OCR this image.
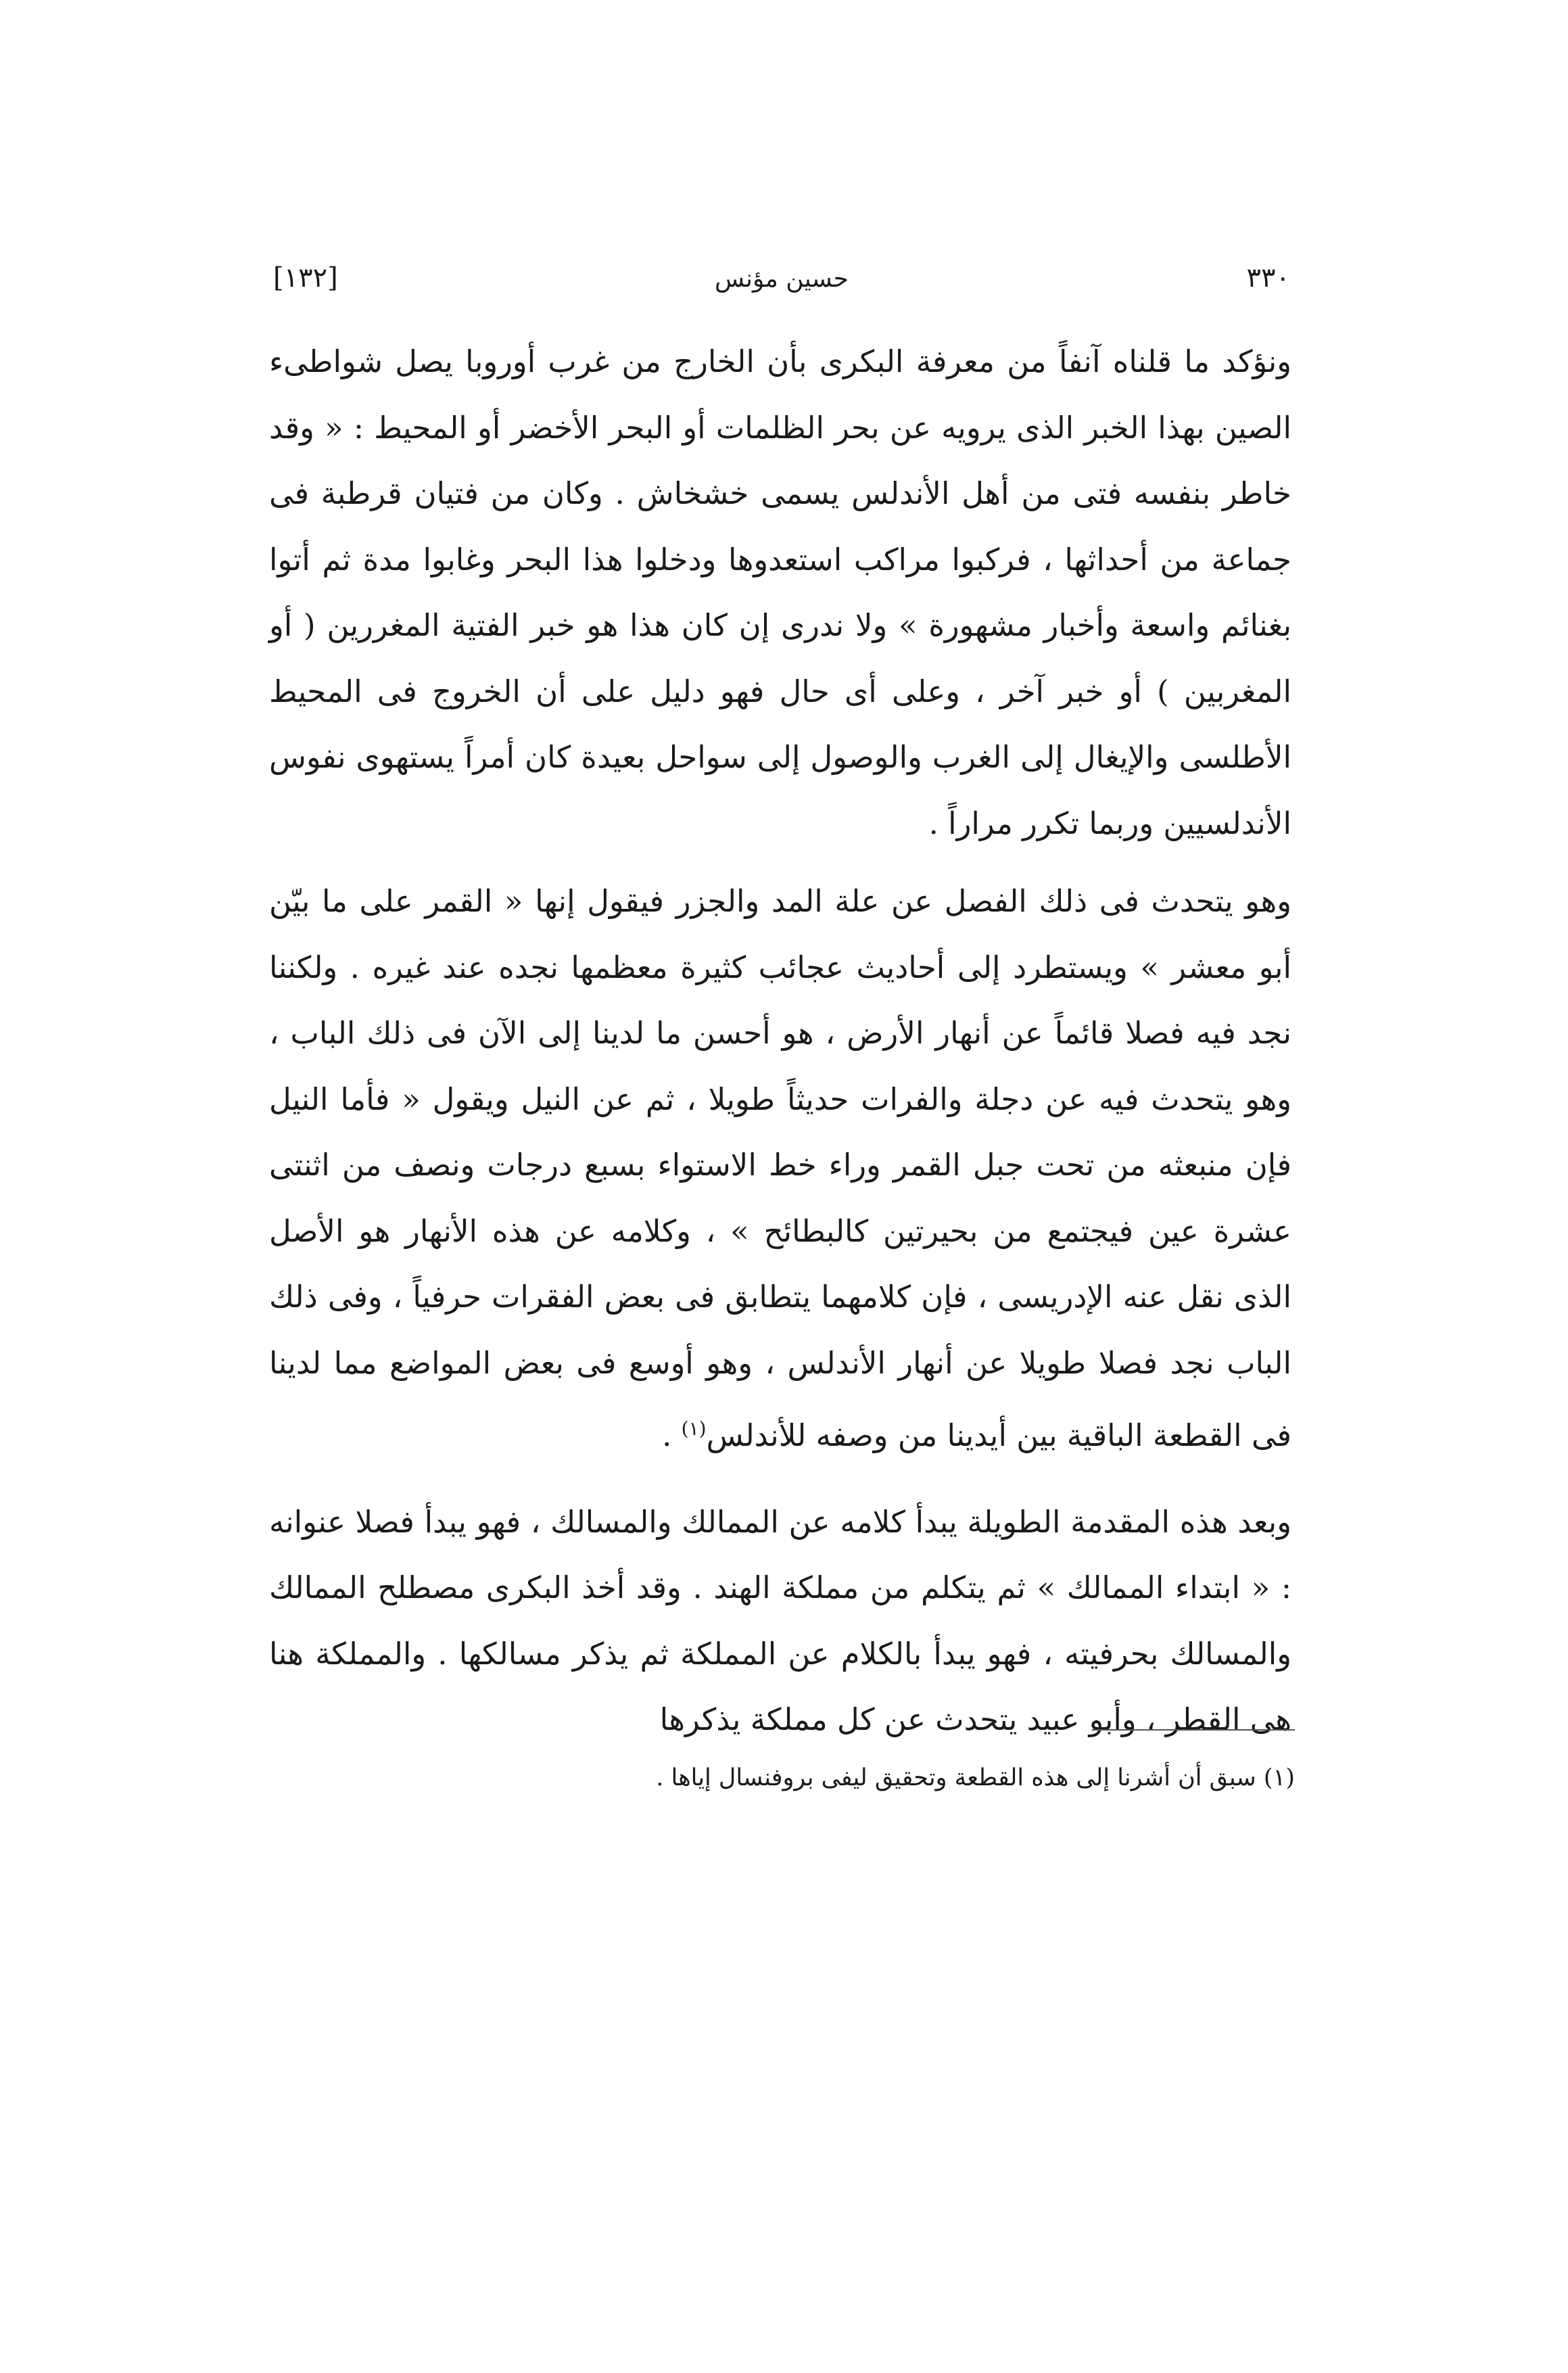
[١٣٢]	حسين مؤنس	٣٣٠

ونؤكد ما قلناه آنفاً من معرفة البكرى بأن الخارج من غرب أوروبا يصل شواطىء الصين بهذا الخبر الذى يرويه عن بحر الظلمات أو البحر الأخضر أو المحيط : « وقد خاطر بنفسه فتى من أهل الأندلس يسمى خشخاش . وكان من فتيان قرطبة فى جماعة من أحداثها ، فركبوا مراكب استعدوها ودخلوا هذا البحر وغابوا مدة ثم أتوا بغنائم واسعة وأخبار مشهورة » ولا ندرى إن كان هذا هو خبر الفتية المغررين ( أو المغربين ) أو خبر آخر ، وعلى أى حال فهو دليل على أن الخروج فى المحيط الأطلسى والإيغال إلى الغرب والوصول إلى سواحل بعيدة كان أمراً يستهوى نفوس الأندلسيين وربما تكرر مراراً .

وهو يتحدث فى ذلك الفصل عن علة المد والجزر فيقول إنها « القمر على ما بيّن أبو معشر » ويستطرد إلى أحاديث عجائب كثيرة معظمها نجده عند غيره . ولكننا نجد فيه فصلا قائماً عن أنهار الأرض ، هو أحسن ما لدينا إلى الآن فى ذلك الباب ، وهو يتحدث فيه عن دجلة والفرات حديثاً طويلا ، ثم عن النيل ويقول « فأما النيل فإن منبعثه من تحت جبل القمر وراء خط الاستواء بسبع درجات ونصف من اثنتى عشرة عين فيجتمع من بحيرتين كالبطائح » ، وكلامه عن هذه الأنهار هو الأصل الذى نقل عنه الإدريسى ، فإن كلامهما يتطابق فى بعض الفقرات حرفياً ، وفى ذلك الباب نجد فصلا طويلا عن أنهار الأندلس ، وهو أوسع فى بعض المواضع مما لدينا فى القطعة الباقية بين أيدينا من وصفه للأندلس$^{(١)}$ .

وبعد هذه المقدمة الطويلة يبدأ كلامه عن الممالك والمسالك ، فهو يبدأ فصلا عنوانه : « ابتداء الممالك » ثم يتكلم من مملكة الهند . وقد أخذ البكرى مصطلح الممالك والمسالك بحرفيته ، فهو يبدأ بالكلام عن المملكة ثم يذكر مسالكها . والمملكة هنا هى القطر ، وأبو عبيد يتحدث عن كل مملكة يذكرها

(١) سبق أن أشرنا إلى هذه القطعة وتحقيق ليفى بروفنسال إياها .
